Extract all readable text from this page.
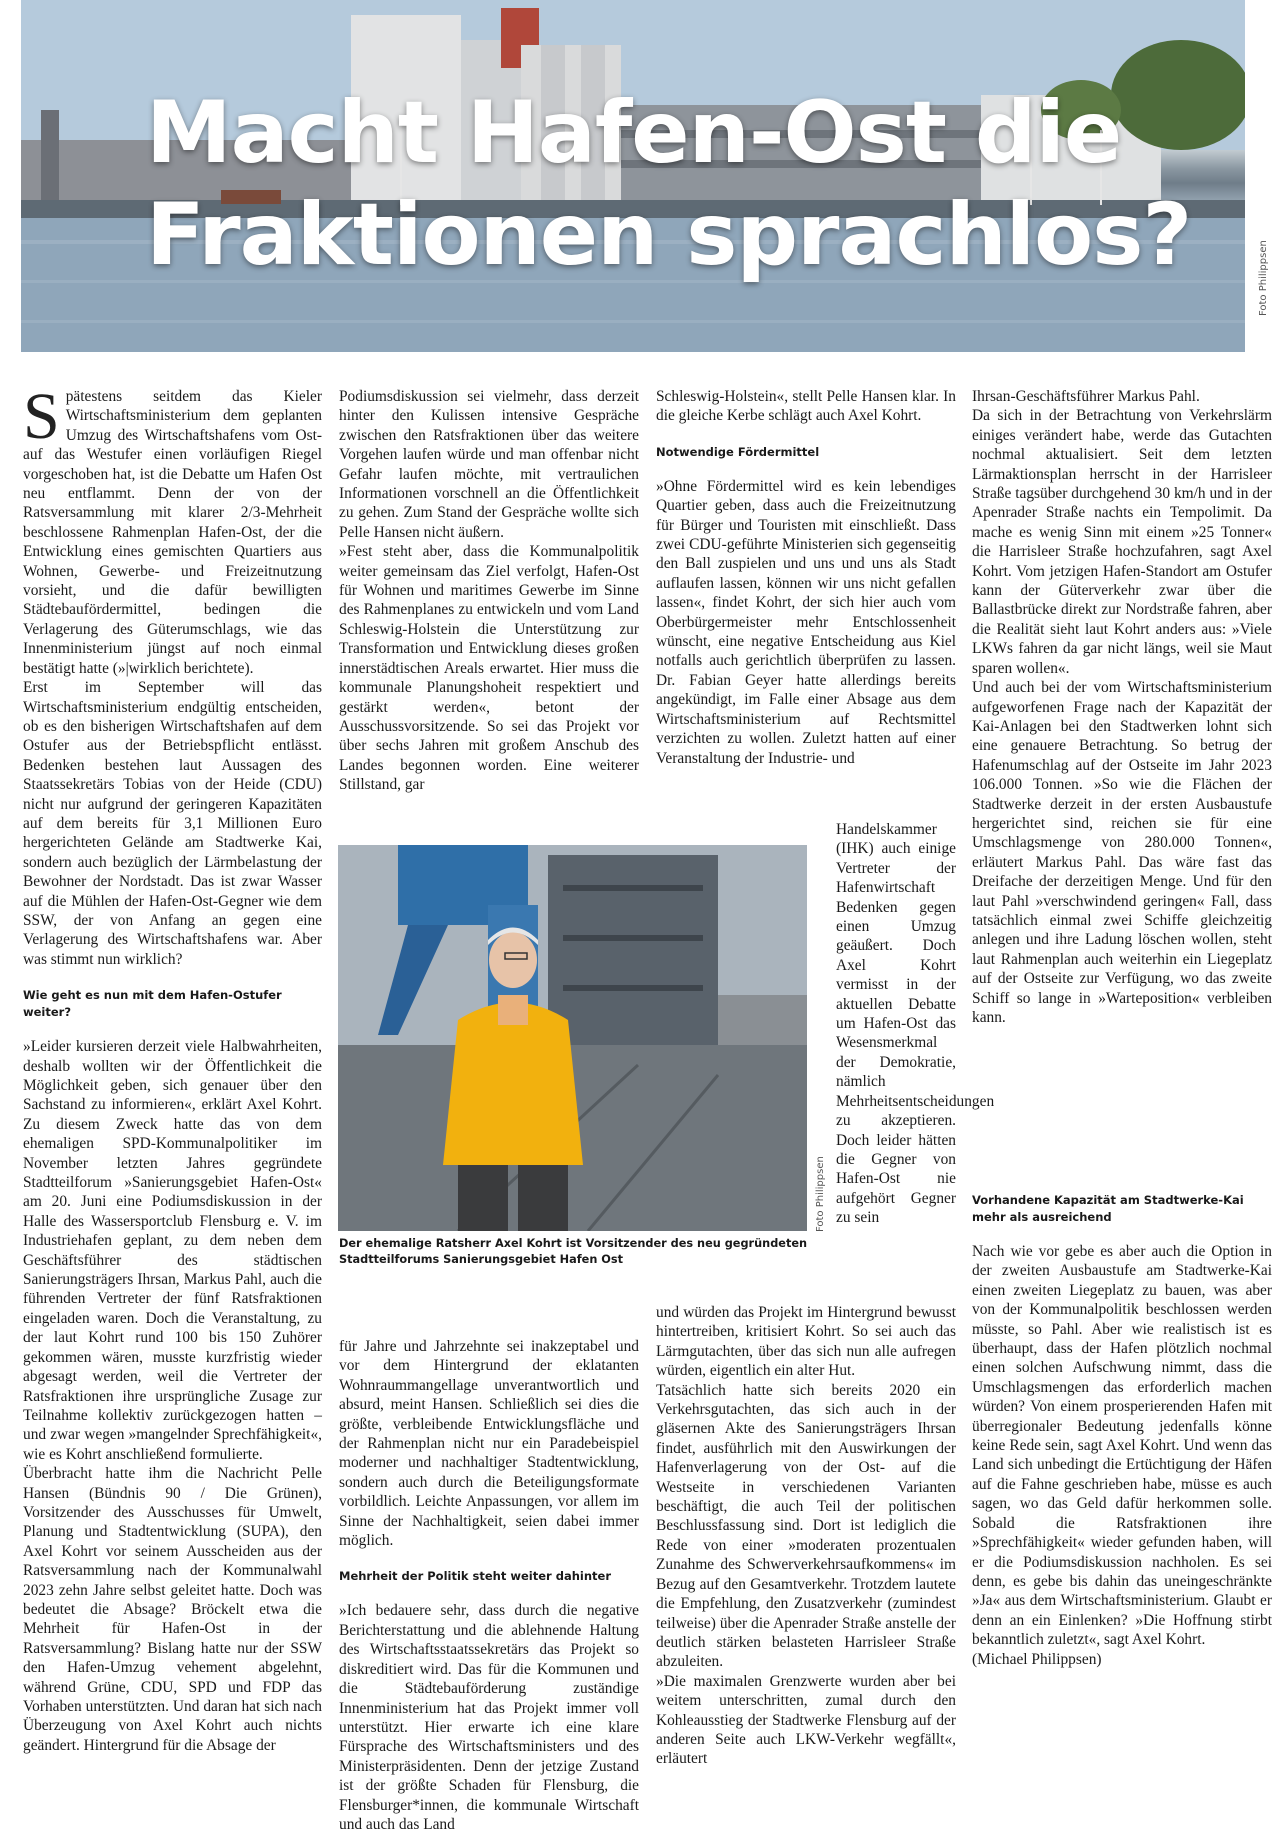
Macht Hafen-Ost die
Fraktionen sprachlos?	Foto Philippsen

Spätestens seitdem das Kieler Wirtschaftsministerium dem geplanten Umzug des Wirtschaftshafens vom Ost- auf das Westufer einen vorläufigen Riegel vorgeschoben hat, ist die Debatte um Hafen Ost neu entflammt. Denn der von der Ratsversammlung mit klarer 2/3-Mehrheit beschlossene Rahmenplan Hafen-Ost, der die Entwicklung eines gemischten Quartiers aus Wohnen, Gewerbe- und Freizeitnutzung vorsieht, und die dafür bewilligten Städtebaufördermittel, bedingen die Verlagerung des Güterumschlags, wie das Innenministerium jüngst auf noch einmal bestätigt hatte (»|wirklich berichtete).

Erst im September will das Wirtschaftsministerium endgültig entscheiden, ob es den bisherigen Wirtschaftshafen auf dem Ostufer aus der Betriebspflicht entlässt. Bedenken bestehen laut Aussagen des Staatssekretärs Tobias von der Heide (CDU) nicht nur aufgrund der geringeren Kapazitäten auf dem bereits für 3,1 Millionen Euro hergerichteten Gelände am Stadtwerke Kai, sondern auch bezüglich der Lärmbelastung der Bewohner der Nordstadt. Das ist zwar Wasser auf die Mühlen der Hafen-Ost-Gegner wie dem SSW, der von Anfang an gegen eine Verlagerung des Wirtschaftshafens war. Aber was stimmt nun wirklich?

Wie geht es nun mit dem Hafen-Ostufer weiter?

»Leider kursieren derzeit viele Halbwahrheiten, deshalb wollten wir der Öffentlichkeit die Möglichkeit geben, sich genauer über den Sachstand zu informieren«, erklärt Axel Kohrt. Zu diesem Zweck hatte das von dem ehemaligen SPD-Kommunalpolitiker im November letzten Jahres gegründete Stadtteilforum »Sanierungsgebiet Hafen-Ost« am 20. Juni eine Podiumsdiskussion in der Halle des Wassersportclub Flensburg e. V. im Industriehafen geplant, zu dem neben dem Geschäftsführer des städtischen Sanierungsträgers Ihrsan, Markus Pahl, auch die führenden Vertreter der fünf Ratsfraktionen eingeladen waren. Doch die Veranstaltung, zu der laut Kohrt rund 100 bis 150 Zuhörer gekommen wären, musste kurzfristig wieder abgesagt werden, weil die Vertreter der Ratsfraktionen ihre ursprüngliche Zusage zur Teilnahme kollektiv zurückgezogen hatten – und zwar wegen »mangelnder Sprechfähigkeit«, wie es Kohrt anschließend formulierte.

Überbracht hatte ihm die Nachricht Pelle Hansen (Bündnis 90 / Die Grünen), Vorsitzender des Ausschusses für Umwelt, Planung und Stadtentwicklung (SUPA), den Axel Kohrt vor seinem Ausscheiden aus der Ratsversammlung nach der Kommunalwahl 2023 zehn Jahre selbst geleitet hatte. Doch was bedeutet die Absage? Bröckelt etwa die Mehrheit für Hafen-Ost in der Ratsversammlung? Bislang hatte nur der SSW den Hafen-Umzug vehement abgelehnt, während Grüne, CDU, SPD und FDP das Vorhaben unterstützten. Und daran hat sich nach Überzeugung von Axel Kohrt auch nichts geändert. Hintergrund für die Absage der

Podiumsdiskussion sei vielmehr, dass derzeit hinter den Kulissen intensive Gespräche zwischen den Ratsfraktionen über das weitere Vorgehen laufen würde und man offenbar nicht Gefahr laufen möchte, mit vertraulichen Informationen vorschnell an die Öffentlichkeit zu gehen. Zum Stand der Gespräche wollte sich Pelle Hansen nicht äußern.

»Fest steht aber, dass die Kommunalpolitik weiter gemeinsam das Ziel verfolgt, Hafen-Ost für Wohnen und maritimes Gewerbe im Sinne des Rahmenplanes zu entwickeln und vom Land Schleswig-Holstein die Unterstützung zur Transformation und Entwicklung dieses großen innerstädtischen Areals erwartet. Hier muss die kommunale Planungshoheit respektiert und gestärkt werden«, betont der Ausschussvorsitzende. So sei das Projekt vor über sechs Jahren mit großem Anschub des Landes begonnen worden. Eine weiterer Stillstand, gar

Foto Philippsen
Der ehemalige Ratsherr Axel Kohrt ist Vorsitzender des neu gegründeten Stadtteilforums Sanierungsgebiet Hafen Ost

für Jahre und Jahrzehnte sei inakzeptabel und vor dem Hintergrund der eklatanten Wohnraummangellage unverantwortlich und absurd, meint Hansen. Schließlich sei dies die größte, verbleibende Entwicklungsfläche und der Rahmenplan nicht nur ein Paradebeispiel moderner und nachhaltiger Stadtentwicklung, sondern auch durch die Beteiligungsformate vorbildlich. Leichte Anpassungen, vor allem im Sinne der Nachhaltigkeit, seien dabei immer möglich.

Mehrheit der Politik steht weiter dahinter

»Ich bedauere sehr, dass durch die negative Berichterstattung und die ablehnende Haltung des Wirtschaftsstaatssekretärs das Projekt so diskreditiert wird. Das für die Kommunen und die Städtebauförderung zuständige Innenministerium hat das Projekt immer voll unterstützt. Hier erwarte ich eine klare Fürsprache des Wirtschaftsministers und des Ministerpräsidenten. Denn der jetzige Zustand ist der größte Schaden für Flensburg, die Flensburger*innen, die kommunale Wirtschaft und auch das Land

Schleswig-Holstein«, stellt Pelle Hansen klar. In die gleiche Kerbe schlägt auch Axel Kohrt.

Notwendige Fördermittel

»Ohne Fördermittel wird es kein lebendiges Quartier geben, dass auch die Freizeitnutzung für Bürger und Touristen mit einschließt. Dass zwei CDU-geführte Ministerien sich gegenseitig den Ball zuspielen und uns und uns als Stadt auflaufen lassen, können wir uns nicht gefallen lassen«, findet Kohrt, der sich hier auch vom Oberbürgermeister mehr Entschlossenheit wünscht, eine negative Entscheidung aus Kiel notfalls auch gerichtlich überprüfen zu lassen. Dr. Fabian Geyer hatte allerdings bereits angekündigt, im Falle einer Absage aus dem Wirtschaftsministerium auf Rechtsmittel verzichten zu wollen. Zuletzt hatten auf einer Veranstaltung der Industrie- und

Handelskammer (IHK) auch einige Vertreter der Hafenwirtschaft Bedenken gegen einen Umzug geäußert. Doch Axel Kohrt vermisst in der aktuellen Debatte um Hafen-Ost das Wesensmerkmal der Demokratie, nämlich Mehrheitsentscheidungen zu akzeptieren. Doch leider hätten die Gegner von Hafen-Ost nie aufgehört Gegner zu sein

und würden das Projekt im Hintergrund bewusst hintertreiben, kritisiert Kohrt. So sei auch das Lärmgutachten, über das sich nun alle aufregen würden, eigentlich ein alter Hut.

Tatsächlich hatte sich bereits 2020 ein Verkehrsgutachten, das sich auch in der gläsernen Akte des Sanierungsträgers Ihrsan findet, ausführlich mit den Auswirkungen der Hafenverlagerung von der Ost- auf die Westseite in verschiedenen Varianten beschäftigt, die auch Teil der politischen Beschlussfassung sind. Dort ist lediglich die Rede von einer »moderaten prozentualen Zunahme des Schwerverkehrsaufkommens« im Bezug auf den Gesamtverkehr. Trotzdem lautete die Empfehlung, den Zusatzverkehr (zumindest teilweise) über die Apenrader Straße anstelle der deutlich stärken belasteten Harrisleer Straße abzuleiten.

»Die maximalen Grenzwerte wurden aber bei weitem unterschritten, zumal durch den Kohleausstieg der Stadtwerke Flensburg auf der anderen Seite auch LKW-Verkehr wegfällt«, erläutert

Ihrsan-Geschäftsführer Markus Pahl.

Da sich in der Betrachtung von Verkehrslärm einiges verändert habe, werde das Gutachten nochmal aktualisiert. Seit dem letzten Lärmaktionsplan herrscht in der Harrisleer Straße tagsüber durchgehend 30 km/h und in der Apenrader Straße nachts ein Tempolimit. Da mache es wenig Sinn mit einem »25 Tonner« die Harrisleer Straße hochzufahren, sagt Axel Kohrt. Vom jetzigen Hafen-Standort am Ostufer kann der Güterverkehr zwar über die Ballastbrücke direkt zur Nordstraße fahren, aber die Realität sieht laut Kohrt anders aus: »Viele LKWs fahren da gar nicht längs, weil sie Maut sparen wollen«.

Und auch bei der vom Wirtschaftsministerium aufgeworfenen Frage nach der Kapazität der Kai-Anlagen bei den Stadtwerken lohnt sich eine genauere Betrachtung. So betrug der Hafenumschlag auf der Ostseite im Jahr 2023 106.000 Tonnen. »So wie die Flächen der Stadtwerke derzeit in der ersten Ausbaustufe hergerichtet sind, reichen sie für eine Umschlagsmenge von 280.000 Tonnen«, erläutert Markus Pahl. Das wäre fast das Dreifache der derzeitigen Menge. Und für den laut Pahl »verschwindend geringen« Fall, dass tatsächlich einmal zwei Schiffe gleichzeitig anlegen und ihre Ladung löschen wollen, steht laut Rahmenplan auch weiterhin ein Liegeplatz auf der Ostseite zur Verfügung, wo das zweite Schiff so lange in »Warteposition« verbleiben kann.

Vorhandene Kapazität am Stadtwerke-Kai mehr als ausreichend

Nach wie vor gebe es aber auch die Option in der zweiten Ausbaustufe am Stadtwerke-Kai einen zweiten Liegeplatz zu bauen, was aber von der Kommunalpolitik beschlossen werden müsste, so Pahl. Aber wie realistisch ist es überhaupt, dass der Hafen plötzlich nochmal einen solchen Aufschwung nimmt, dass die Umschlagsmengen das erforderlich machen würden? Von einem prosperierenden Hafen mit überregionaler Bedeutung jedenfalls könne keine Rede sein, sagt Axel Kohrt. Und wenn das Land sich unbedingt die Ertüchtigung der Häfen auf die Fahne geschrieben habe, müsse es auch sagen, wo das Geld dafür herkommen solle. Sobald die Ratsfraktionen ihre »Sprechfähigkeit« wieder gefunden haben, will er die Podiumsdiskussion nachholen. Es sei denn, es gebe bis dahin das uneingeschränkte »Ja« aus dem Wirtschaftsministerium. Glaubt er denn an ein Einlenken? »Die Hoffnung stirbt bekanntlich zuletzt«, sagt Axel Kohrt.

(Michael Philippsen)
